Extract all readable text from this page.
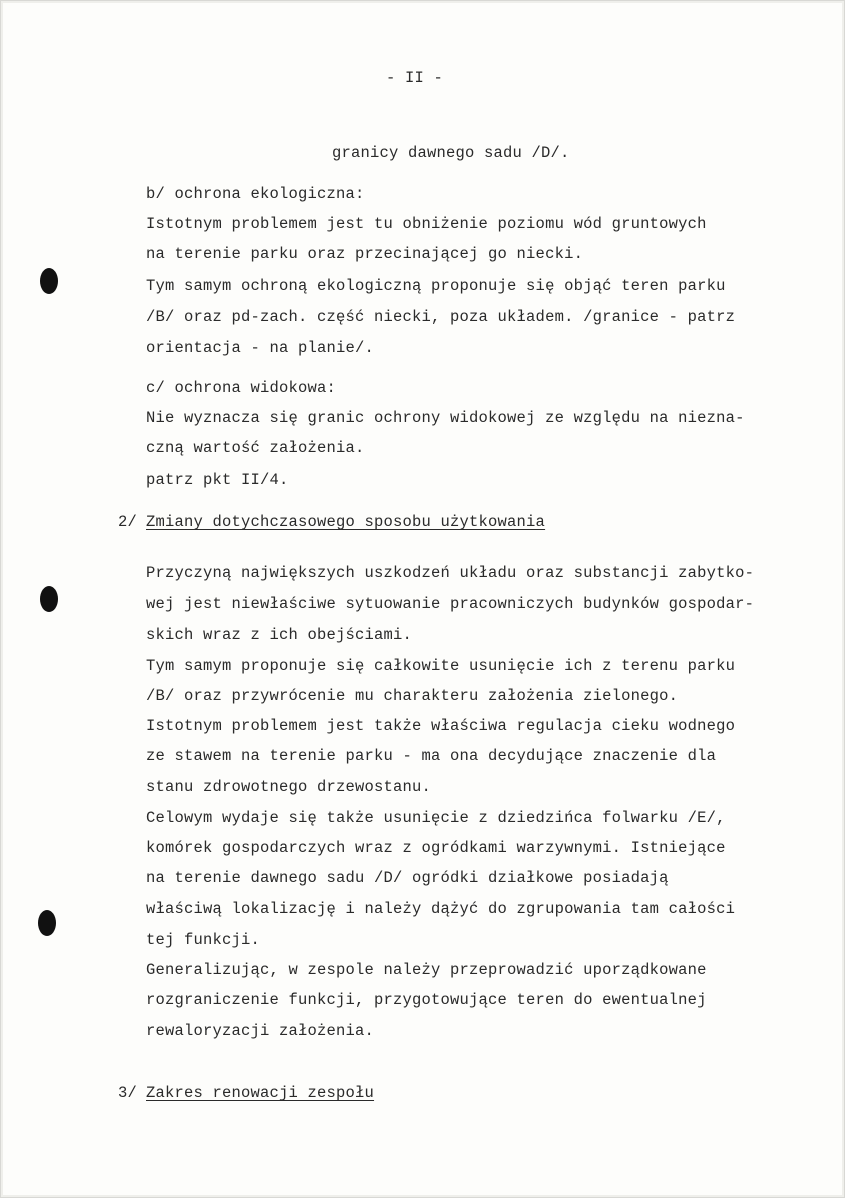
- II -
granicy dawnego sadu /D/.
b/ ochrona ekologiczna:
Istotnym problemem jest tu obniżenie poziomu wód gruntowych
na terenie parku oraz przecinającej go niecki.
Tym samym ochroną ekologiczną proponuje się objąć teren parku
/B/ oraz pd-zach. część niecki, poza układem. /granice - patrz
orientacja - na planie/.
c/ ochrona widokowa:
Nie wyznacza się granic ochrony widokowej ze względu na niezna-
czną wartość założenia.
patrz pkt II/4.
2/ Zmiany dotychczasowego sposobu użytkowania
Przyczyną największych uszkodzeń układu oraz substancji zabytko-
wej jest niewłaściwe sytuowanie pracowniczych budynków gospodar-
skich wraz z ich obejściami.
Tym samym proponuje się całkowite usunięcie ich z terenu parku
/B/ oraz przywrócenie mu charakteru założenia zielonego.
Istotnym problemem jest także właściwa regulacja cieku wodnego
ze stawem na terenie parku - ma ona decydujące znaczenie dla
stanu zdrowotnego drzewostanu.
Celowym wydaje się także usunięcie z dziedzińca folwarku /E/,
komórek gospodarczych wraz z ogródkami warzywnymi. Istniejące
na terenie dawnego sadu /D/ ogródki działkowe posiadają
właściwą lokalizację i należy dążyć do zgrupowania tam całości
tej funkcji.
Generalizując, w zespole należy przeprowadzić uporządkowane
rozgraniczenie funkcji, przygotowujące teren do ewentualnej
rewaloryzacji założenia.
3/ Zakres renowacji zespołu
